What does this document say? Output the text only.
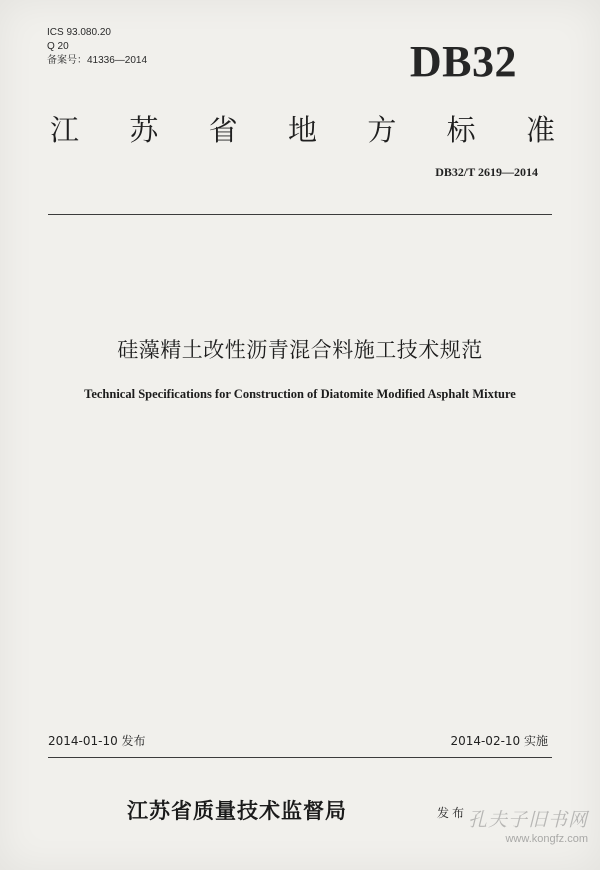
ICS 93.080.20
Q 20
备案号：41336—2014	DB32
江 苏 省 地 方 标 准
DB32/T 2619—2014
硅藻精土改性沥青混合料施工技术规范
Technical Specifications for Construction of Diatomite Modified Asphalt Mixture
2014-01-10 发布	2014-02-10 实施
江苏省质量技术监督局	发布 孔夫子旧书网
www.kongfz.com
